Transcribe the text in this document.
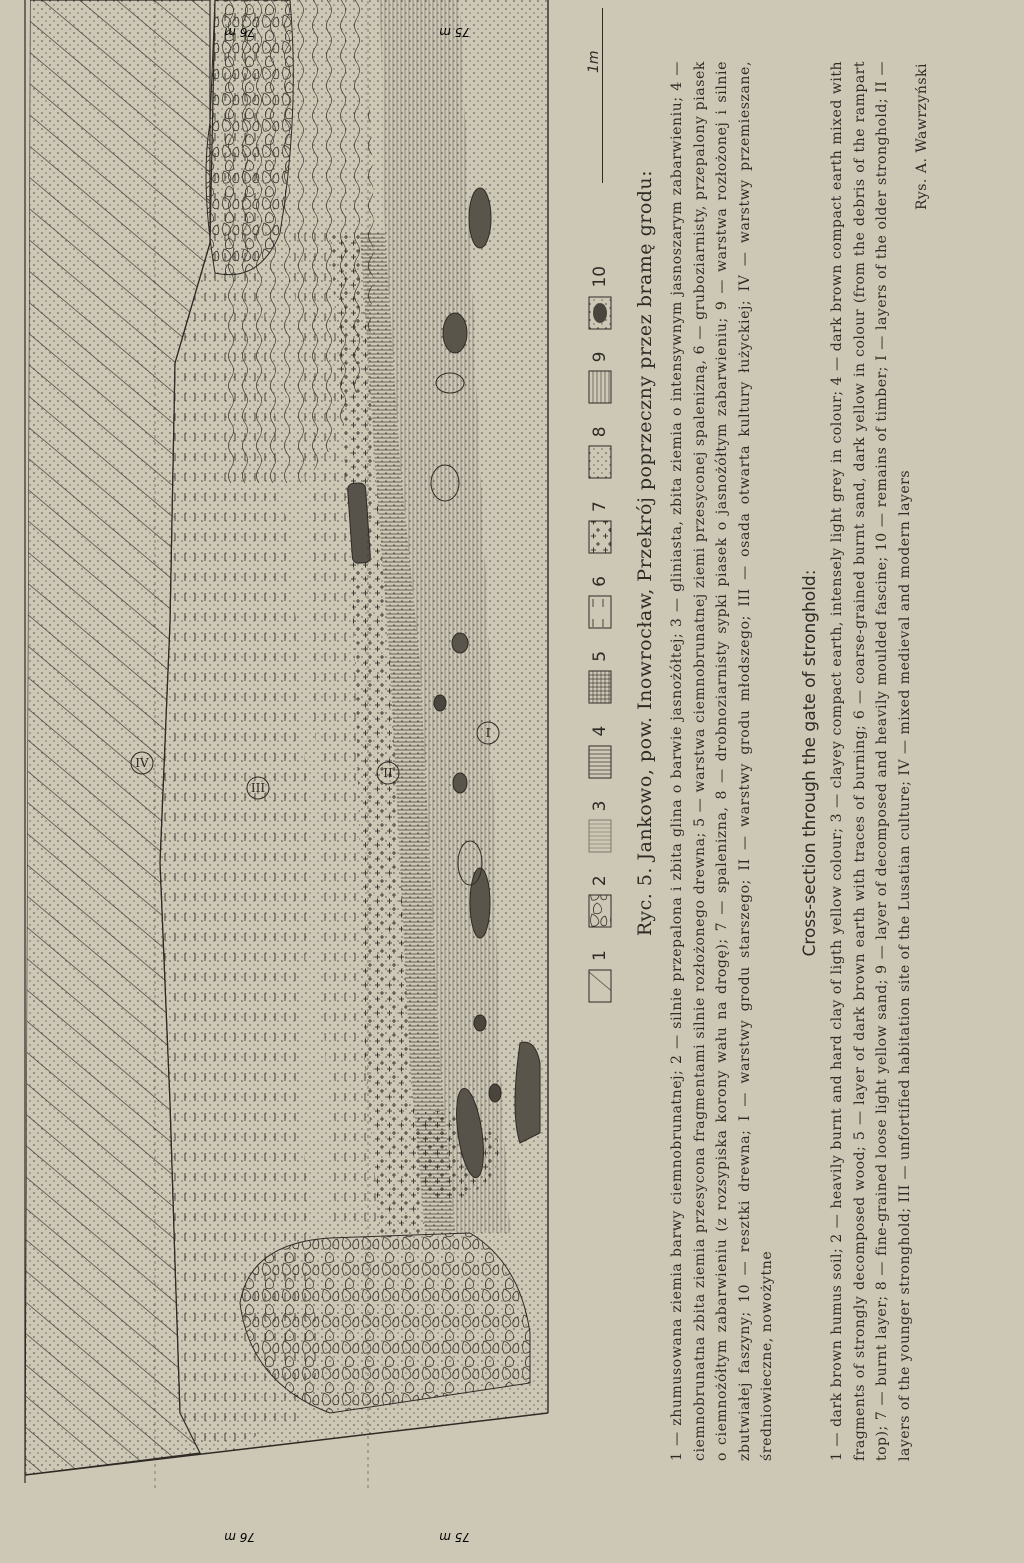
76 m	75 m
76 m	75 m
IV
III
II
I
1
2
3
4
5
6
7
8
9
10
1m
Ryc. 5. Jankowo, pow. Inowrocław, Przekrój poprzeczny przez bramę grodu: 1 — zhumusowana ziemia barwy ciemnobrunatnej; 2 — silnie przepalona i zbita glina o barwie jasnożółtej; 3 — gliniasta, zbita ziemia o intensywnym jasnoszarym zabarwieniu; 4 — ciemnobrunatna zbita ziemia przesycona fragmentami silnie rozłożonego drewna; 5 — warstwa ciemnobrunatnej ziemi przesyconej spalenizną, 6 — gruboziarnisty, przepalony piasek o ciemnożółtym zabarwieniu (z rozsypiska korony wału na drogę); 7 — spalenizna, 8 — drobnoziarnisty sypki piasek o jasnożółtym zabarwieniu; 9 — warstwa rozłożonej i silnie zbutwiałej faszyny; 10 — resztki drewna; I — warstwy grodu starszego; II — warstwy grodu młodszego; III — osada otwarta kultury łużyckiej; IV — warstwy przemieszane, średniowieczne, nowożytne
Cross-section through the gate of stronghold: 1 — dark brown humus soil; 2 — heavily burnt and hard clay of ligth yellow colour; 3 — clayey compact earth, intensely light grey in colour; 4 — dark brown compact earth mixed with fragments of strongly decomposed wood; 5 — layer of dark brown earth with traces of burning; 6 — coarse-grained burnt sand, dark yellow in colour (from the debris of the rampart top); 7 — burnt layer; 8 — fine-grained loose light yellow sand; 9 — layer of decomposed and heavily moulded fascine; 10 — remains of timber; I — layers of the older stronghold; II — layers of the younger stronghold; III — unfortified habitation site of the Lusatian culture; IV — mixed medieval and modern layers
Rys. A. Wawrzyński
